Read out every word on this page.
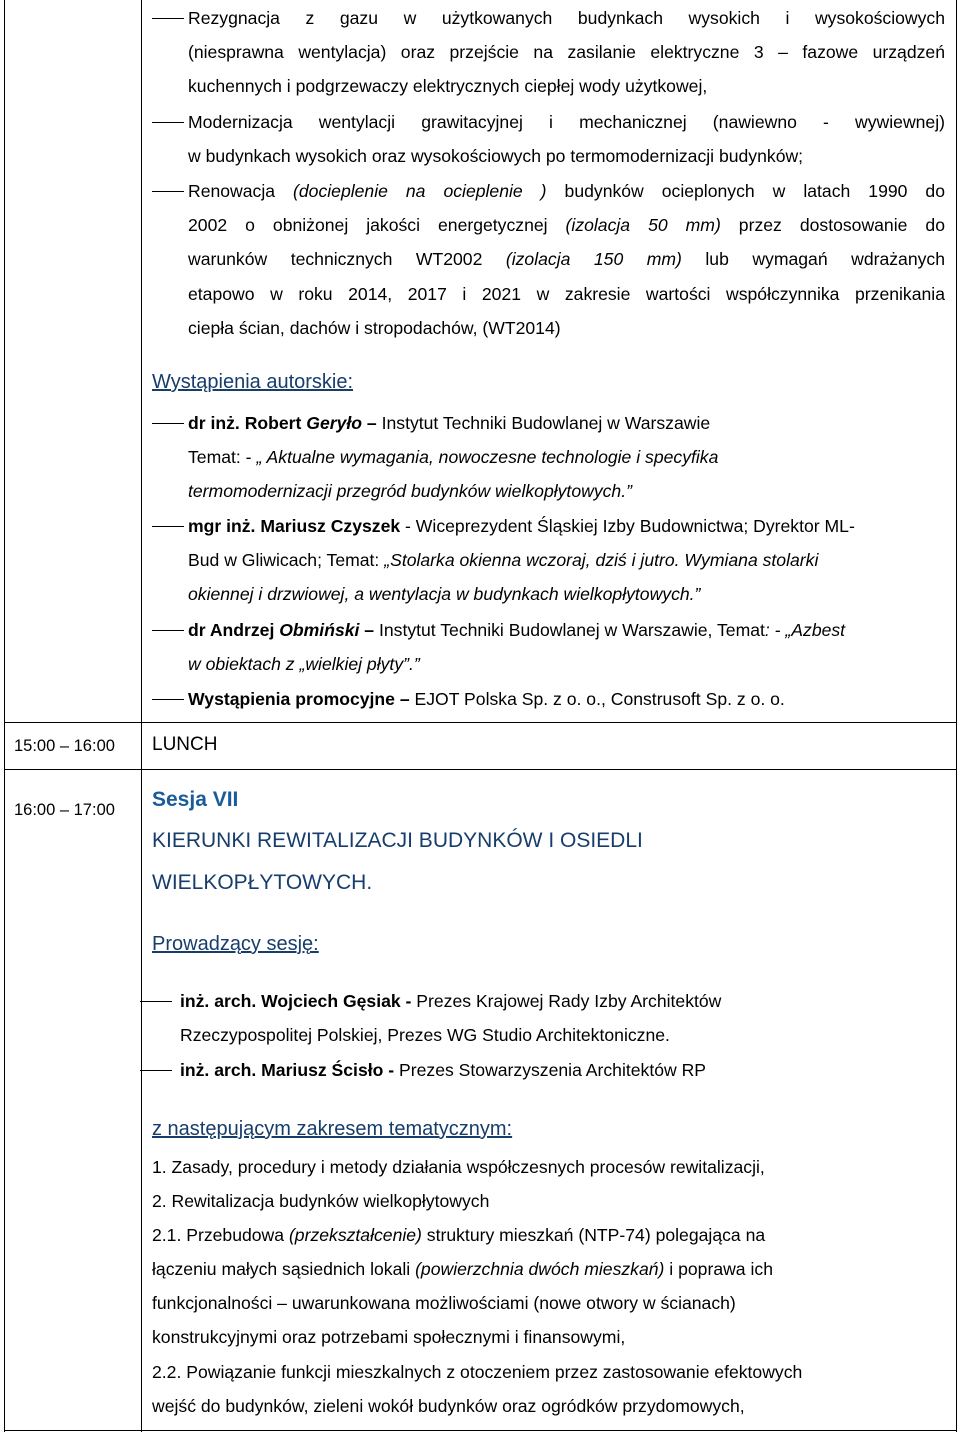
Rezygnacja z gazu w użytkowanych budynkach wysokich i wysokościowych
(niesprawna wentylacja) oraz przejście na zasilanie elektryczne 3 – fazowe urządzeń
kuchennych i podgrzewaczy elektrycznych ciepłej wody użytkowej,
Modernizacja wentylacji grawitacyjnej i mechanicznej (nawiewno - wywiewnej)
w budynkach wysokich oraz wysokościowych po termomodernizacji budynków;
Renowacja (docieplenie na ocieplenie ) budynków ocieplonych w latach 1990 do
2002 o obniżonej jakości energetycznej (izolacja 50 mm) przez dostosowanie do
warunków technicznych WT2002 (izolacja 150 mm) lub wymagań wdrażanych
etapowo w roku 2014, 2017 i 2021 w zakresie wartości współczynnika przenikania
ciepła ścian, dachów i stropodachów, (WT2014)
Wystąpienia autorskie:
dr inż. Robert Geryło – Instytut Techniki Budowlanej w Warszawie
Temat: - „ Aktualne wymagania, nowoczesne technologie i specyfika
termomodernizacji przegród budynków wielkopłytowych.”
mgr inż. Mariusz Czyszek - Wiceprezydent Śląskiej Izby Budownictwa; Dyrektor ML-
Bud w Gliwicach; Temat: „Stolarka okienna wczoraj, dziś i jutro. Wymiana stolarki
okiennej i drzwiowej, a wentylacja w budynkach wielkopłytowych.”
dr Andrzej Obmiński – Instytut Techniki Budowlanej w Warszawie, Temat: - „Azbest
w obiektach z „wielkiej płyty”.”
Wystąpienia promocyjne – EJOT Polska Sp. z o. o., Construsoft Sp. z o. o.
15:00 – 16:00 LUNCH
16:00 – 17:00 Sesja VII
KIERUNKI REWITALIZACJI BUDYNKÓW I OSIEDLI
WIELKOPŁYTOWYCH.
Prowadzący sesję:
inż. arch. Wojciech Gęsiak - Prezes Krajowej Rady Izby Architektów
Rzeczypospolitej Polskiej, Prezes WG Studio Architektoniczne.
inż. arch. Mariusz Ścisło - Prezes Stowarzyszenia Architektów RP
z następującym zakresem tematycznym:
1. Zasady, procedury i metody działania współczesnych procesów rewitalizacji,
2. Rewitalizacja budynków wielkopłytowych
2.1. Przebudowa (przekształcenie) struktury mieszkań (NTP-74) polegająca na
łączeniu małych sąsiednich lokali (powierzchnia dwóch mieszkań) i poprawa ich
funkcjonalności – uwarunkowana możliwościami (nowe otwory w ścianach)
konstrukcyjnymi oraz potrzebami społecznymi i finansowymi,
2.2. Powiązanie funkcji mieszkalnych z otoczeniem przez zastosowanie efektowych
wejść do budynków, zieleni wokół budynków oraz ogródków przydomowych,
